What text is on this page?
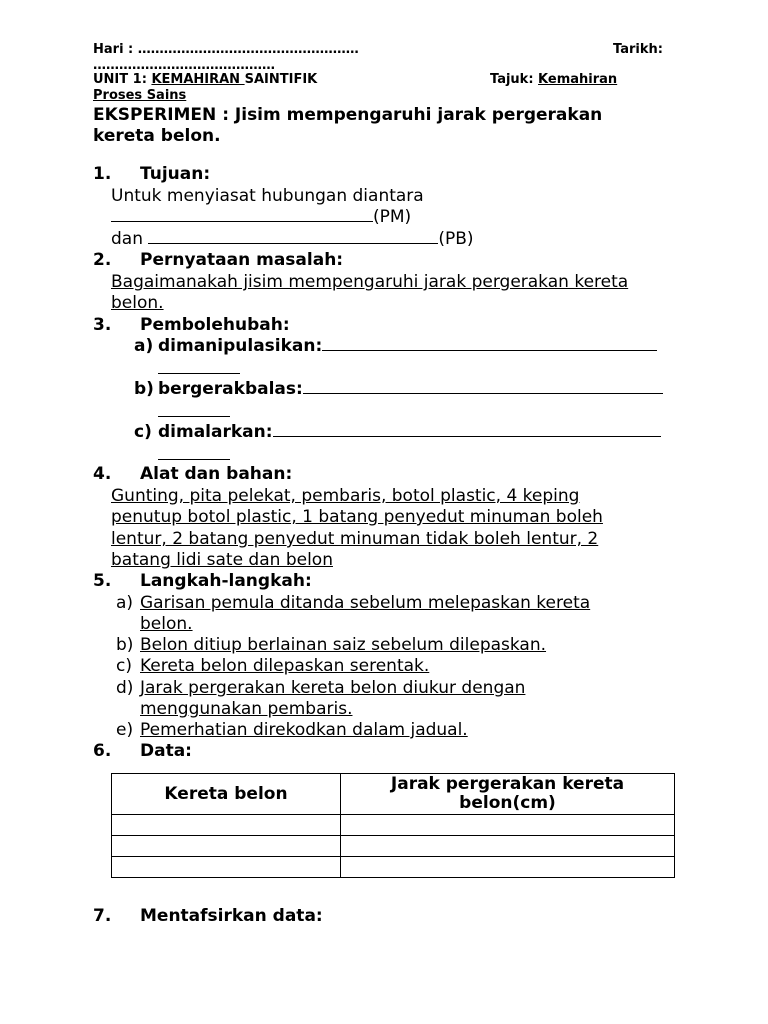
Hari : ……………………………………………	Tarikh:
……………………………………
UNIT 1: KEMAHIRAN SAINTIFIK	Tajuk: Kemahiran
Proses Sains
EKSPERIMEN : Jisim mempengaruhi jarak pergerakan
kereta belon.
1. Tujuan:
Untuk menyiasat hubungan diantara
(PM)
dan	(PB)
2. Pernyataan masalah:
Bagaimanakah jisim mempengaruhi jarak pergerakan kereta
belon.
3. Pembolehubah:
a) dimanipulasikan:
b) bergerakbalas:
c) dimalarkan:
4. Alat dan bahan:
Gunting, pita pelekat, pembaris, botol plastic, 4 keping
penutup botol plastic, 1 batang penyedut minuman boleh
lentur, 2 batang penyedut minuman tidak boleh lentur, 2
batang lidi sate dan belon
5. Langkah-langkah:
a) Garisan pemula ditanda sebelum melepaskan kereta
belon.
b) Belon ditiup berlainan saiz sebelum dilepaskan.
c) Kereta belon dilepaskan serentak.
d) Jarak pergerakan kereta belon diukur dengan
menggunakan pembaris.
e) Pemerhatian direkodkan dalam jadual.
6. Data:
Kereta belon	Jarak pergerakan kereta
belon(cm)

7. Mentafsirkan data:
